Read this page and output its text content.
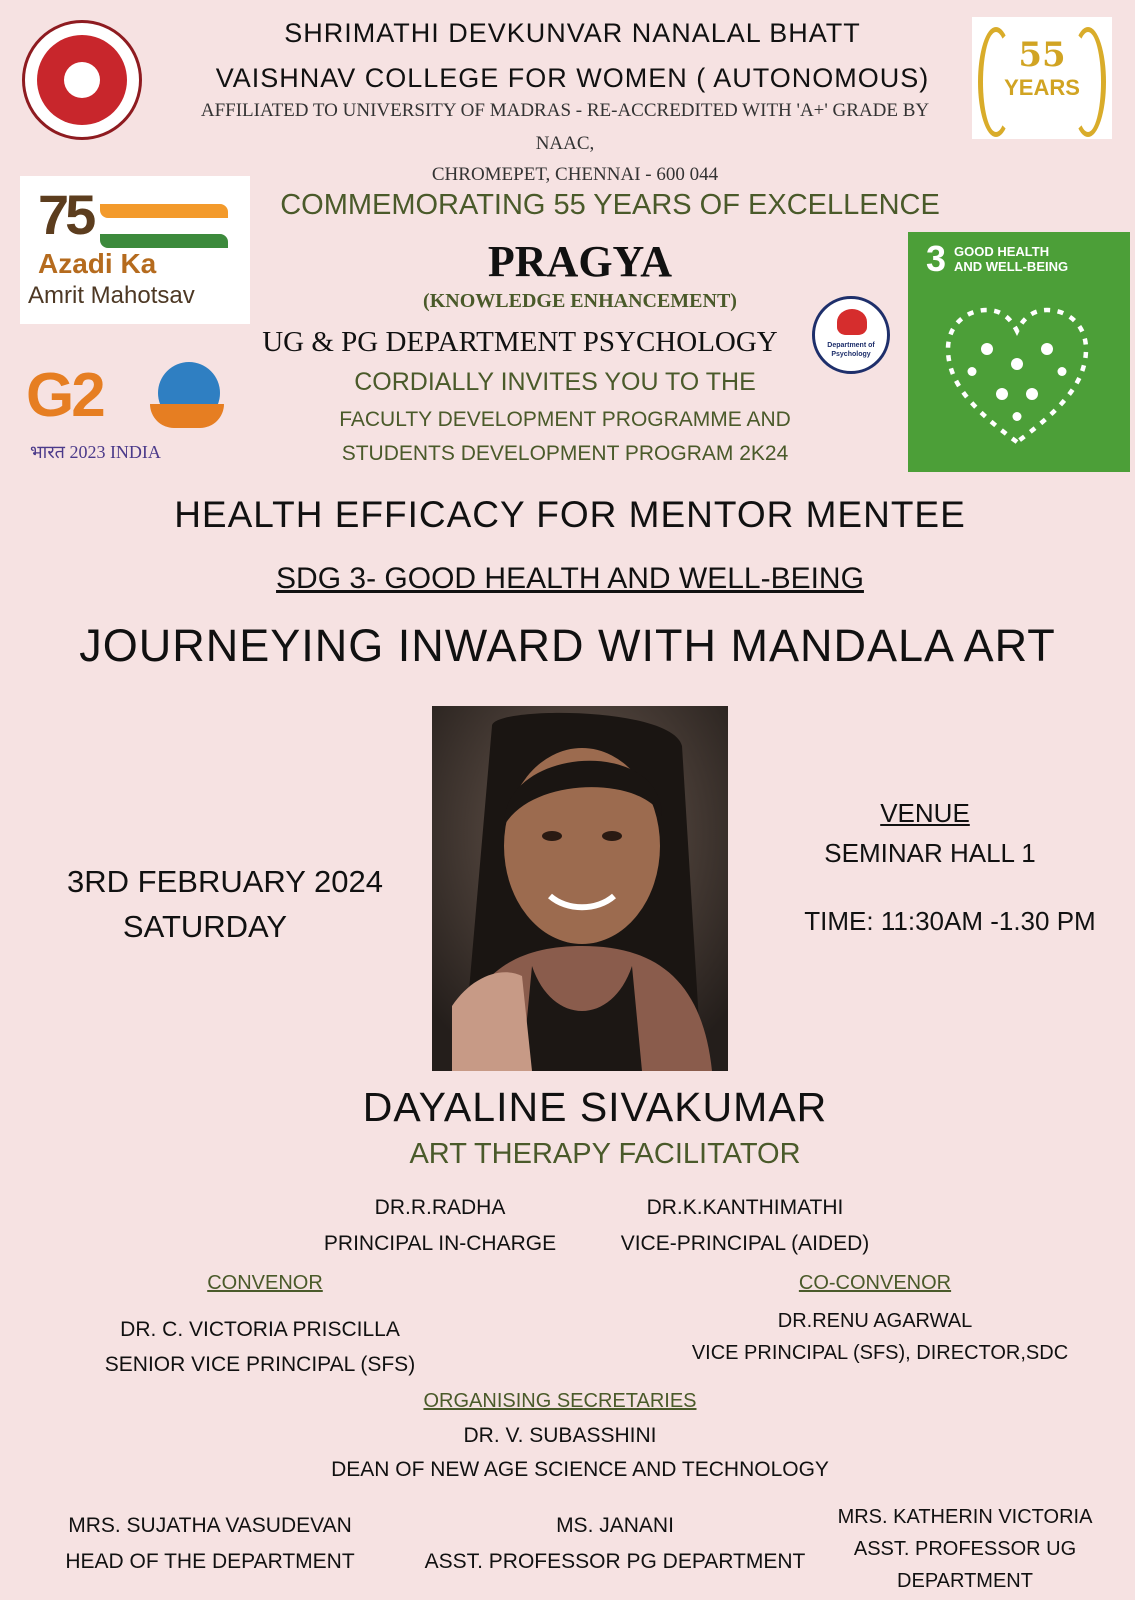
55
YEARS
75
Azadi Ka
Amrit Mahotsav
G2
भारत 2023 INDIA
3 GOOD HEALTH
AND WELL-BEING
Department of Psychology
SHRIMATHI DEVKUNVAR NANALAL BHATT
VAISHNAV COLLEGE FOR WOMEN ( AUTONOMOUS)
AFFILIATED TO UNIVERSITY OF MADRAS - RE-ACCREDITED WITH 'A+' GRADE BY
NAAC,
CHROMEPET, CHENNAI - 600 044
COMMEMORATING 55 YEARS OF EXCELLENCE
PRAGYA
(KNOWLEDGE ENHANCEMENT)
UG & PG DEPARTMENT PSYCHOLOGY
CORDIALLY INVITES YOU TO THE
FACULTY DEVELOPMENT PROGRAMME AND
STUDENTS DEVELOPMENT PROGRAM 2K24
HEALTH EFFICACY FOR MENTOR MENTEE
SDG 3- GOOD HEALTH AND WELL-BEING
JOURNEYING INWARD WITH MANDALA ART
3RD FEBRUARY 2024
SATURDAY
VENUE
SEMINAR HALL 1
TIME: 11:30AM -1.30 PM
DAYALINE SIVAKUMAR
ART THERAPY FACILITATOR
DR.R.RADHA
PRINCIPAL IN-CHARGE
DR.K.KANTHIMATHI
VICE-PRINCIPAL (AIDED)
CONVENOR
DR. C. VICTORIA PRISCILLA
SENIOR VICE PRINCIPAL (SFS)
CO-CONVENOR
DR.RENU AGARWAL
VICE PRINCIPAL (SFS), DIRECTOR,SDC
ORGANISING SECRETARIES
DR. V. SUBASSHINI
DEAN OF NEW AGE SCIENCE AND TECHNOLOGY
MRS. SUJATHA VASUDEVAN
HEAD OF THE DEPARTMENT
MS. JANANI
ASST. PROFESSOR PG DEPARTMENT
MRS. KATHERIN VICTORIA
ASST. PROFESSOR UG
DEPARTMENT
